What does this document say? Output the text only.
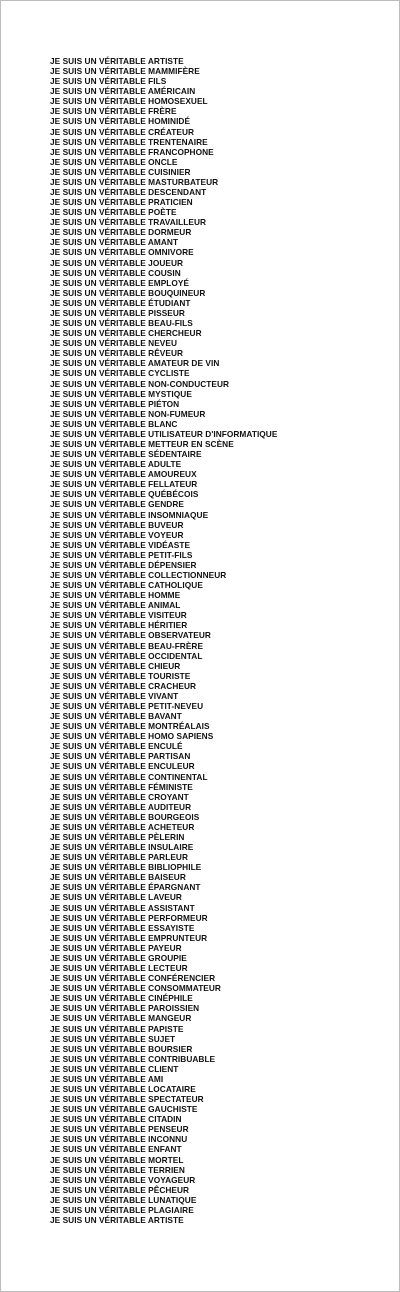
JE SUIS UN VÉRITABLE ARTISTE
JE SUIS UN VÉRITABLE MAMMIFÈRE
JE SUIS UN VÉRITABLE FILS
JE SUIS UN VÉRITABLE AMÉRICAIN
JE SUIS UN VÉRITABLE HOMOSEXUEL
JE SUIS UN VÉRITABLE FRÈRE
JE SUIS UN VÉRITABLE HOMINIDÉ
JE SUIS UN VÉRITABLE CRÉATEUR
JE SUIS UN VÉRITABLE TRENTENAIRE
JE SUIS UN VÉRITABLE FRANCOPHONE
JE SUIS UN VÉRITABLE ONCLE
JE SUIS UN VÉRITABLE CUISINIER
JE SUIS UN VÉRITABLE MASTURBATEUR
JE SUIS UN VÉRITABLE DESCENDANT
JE SUIS UN VÉRITABLE PRATICIEN
JE SUIS UN VÉRITABLE POÈTE
JE SUIS UN VÉRITABLE TRAVAILLEUR
JE SUIS UN VÉRITABLE DORMEUR
JE SUIS UN VÉRITABLE AMANT
JE SUIS UN VÉRITABLE OMNIVORE
JE SUIS UN VÉRITABLE JOUEUR
JE SUIS UN VÉRITABLE COUSIN
JE SUIS UN VÉRITABLE EMPLOYÉ
JE SUIS UN VÉRITABLE BOUQUINEUR
JE SUIS UN VÉRITABLE ÉTUDIANT
JE SUIS UN VÉRITABLE PISSEUR
JE SUIS UN VÉRITABLE BEAU-FILS
JE SUIS UN VÉRITABLE CHERCHEUR
JE SUIS UN VÉRITABLE NEVEU
JE SUIS UN VÉRITABLE RÊVEUR
JE SUIS UN VÉRITABLE AMATEUR DE VIN
JE SUIS UN VÉRITABLE CYCLISTE
JE SUIS UN VÉRITABLE NON-CONDUCTEUR
JE SUIS UN VÉRITABLE MYSTIQUE
JE SUIS UN VÉRITABLE PIÉTON
JE SUIS UN VÉRITABLE NON-FUMEUR
JE SUIS UN VÉRITABLE BLANC
JE SUIS UN VÉRITABLE UTILISATEUR D'INFORMATIQUE
JE SUIS UN VÉRITABLE METTEUR EN SCÈNE
JE SUIS UN VÉRITABLE SÉDENTAIRE
JE SUIS UN VÉRITABLE ADULTE
JE SUIS UN VÉRITABLE AMOUREUX
JE SUIS UN VÉRITABLE FELLATEUR
JE SUIS UN VÉRITABLE QUÉBÉCOIS
JE SUIS UN VÉRITABLE GENDRE
JE SUIS UN VÉRITABLE INSOMNIAQUE
JE SUIS UN VÉRITABLE BUVEUR
JE SUIS UN VÉRITABLE VOYEUR
JE SUIS UN VÉRITABLE VIDÉASTE
JE SUIS UN VÉRITABLE PETIT-FILS
JE SUIS UN VÉRITABLE DÉPENSIER
JE SUIS UN VÉRITABLE COLLECTIONNEUR
JE SUIS UN VÉRITABLE CATHOLIQUE
JE SUIS UN VÉRITABLE HOMME
JE SUIS UN VÉRITABLE ANIMAL
JE SUIS UN VÉRITABLE VISITEUR
JE SUIS UN VÉRITABLE HÉRITIER
JE SUIS UN VÉRITABLE OBSERVATEUR
JE SUIS UN VÉRITABLE BEAU-FRÈRE
JE SUIS UN VÉRITABLE OCCIDENTAL
JE SUIS UN VÉRITABLE CHIEUR
JE SUIS UN VÉRITABLE TOURISTE
JE SUIS UN VÉRITABLE CRACHEUR
JE SUIS UN VÉRITABLE VIVANT
JE SUIS UN VÉRITABLE PETIT-NEVEU
JE SUIS UN VÉRITABLE BAVANT
JE SUIS UN VÉRITABLE MONTRÉALAIS
JE SUIS UN VÉRITABLE HOMO SAPIENS
JE SUIS UN VÉRITABLE ENCULÉ
JE SUIS UN VÉRITABLE PARTISAN
JE SUIS UN VÉRITABLE ENCULEUR
JE SUIS UN VÉRITABLE CONTINENTAL
JE SUIS UN VÉRITABLE FÉMINISTE
JE SUIS UN VÉRITABLE CROYANT
JE SUIS UN VÉRITABLE AUDITEUR
JE SUIS UN VÉRITABLE BOURGEOIS
JE SUIS UN VÉRITABLE ACHETEUR
JE SUIS UN VÉRITABLE PÈLERIN
JE SUIS UN VÉRITABLE INSULAIRE
JE SUIS UN VÉRITABLE PARLEUR
JE SUIS UN VÉRITABLE BIBLIOPHILE
JE SUIS UN VÉRITABLE BAISEUR
JE SUIS UN VÉRITABLE ÉPARGNANT
JE SUIS UN VÉRITABLE LAVEUR
JE SUIS UN VÉRITABLE ASSISTANT
JE SUIS UN VÉRITABLE PERFORMEUR
JE SUIS UN VÉRITABLE ESSAYISTE
JE SUIS UN VÉRITABLE EMPRUNTEUR
JE SUIS UN VÉRITABLE PAYEUR
JE SUIS UN VÉRITABLE GROUPIE
JE SUIS UN VÉRITABLE LECTEUR
JE SUIS UN VÉRITABLE CONFÉRENCIER
JE SUIS UN VÉRITABLE CONSOMMATEUR
JE SUIS UN VÉRITABLE CINÉPHILE
JE SUIS UN VÉRITABLE PAROISSIEN
JE SUIS UN VÉRITABLE MANGEUR
JE SUIS UN VÉRITABLE PAPISTE
JE SUIS UN VÉRITABLE SUJET
JE SUIS UN VÉRITABLE BOURSIER
JE SUIS UN VÉRITABLE CONTRIBUABLE
JE SUIS UN VÉRITABLE CLIENT
JE SUIS UN VÉRITABLE AMI
JE SUIS UN VÉRITABLE LOCATAIRE
JE SUIS UN VÉRITABLE SPECTATEUR
JE SUIS UN VÉRITABLE GAUCHISTE
JE SUIS UN VÉRITABLE CITADIN
JE SUIS UN VÉRITABLE PENSEUR
JE SUIS UN VÉRITABLE INCONNU
JE SUIS UN VÉRITABLE ENFANT
JE SUIS UN VÉRITABLE MORTEL
JE SUIS UN VÉRITABLE TERRIEN
JE SUIS UN VÉRITABLE VOYAGEUR
JE SUIS UN VÉRITABLE PÊCHEUR
JE SUIS UN VÉRITABLE LUNATIQUE
JE SUIS UN VÉRITABLE PLAGIAIRE
JE SUIS UN VÉRITABLE ARTISTE
